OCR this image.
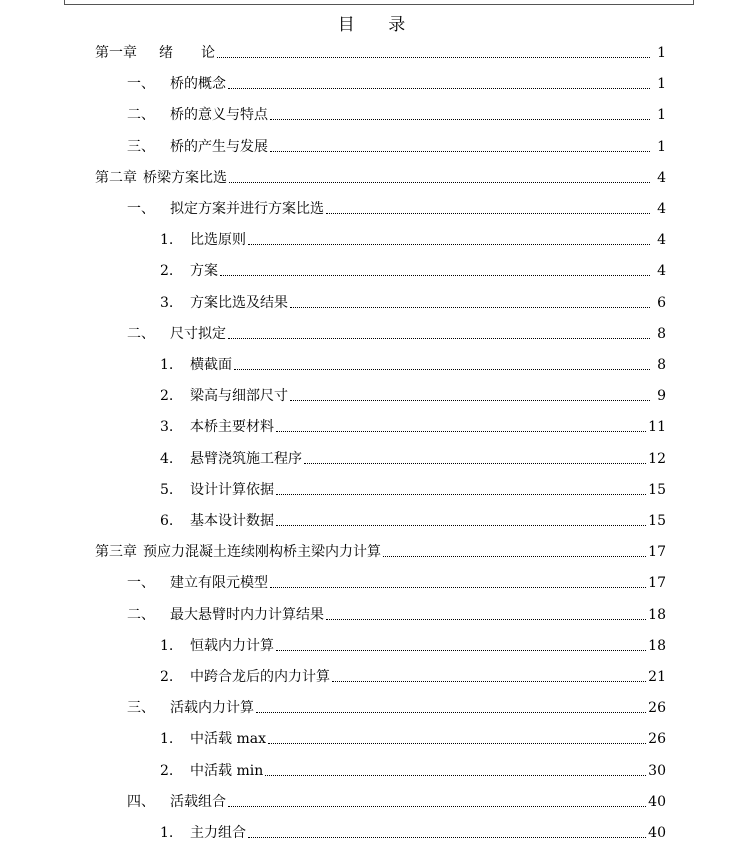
目 录
第一章 绪　　论	1
一、	桥的概念	1
二、	桥的意义与特点	1
三、	桥的产生与发展	1
第二章 桥梁方案比选	4
一、	拟定方案并进行方案比选	4
1.	比选原则	4
2.	方案	4
3.	方案比选及结果	6
二、	尺寸拟定	8
1.	横截面	8
2.	梁高与细部尺寸	9
3.	本桥主要材料	11
4.	悬臂浇筑施工程序	12
5.	设计计算依据	15
6.	基本设计数据	15
第三章 预应力混凝土连续刚构桥主梁内力计算	17
一、	建立有限元模型	17
二、	最大悬臂时内力计算结果	18
1.	恒载内力计算	18
2.	中跨合龙后的内力计算	21
三、	活载内力计算	26
1.	中活载 max	26
2.	中活载 min	30
四、	活载组合	40
1.	主力组合	40
